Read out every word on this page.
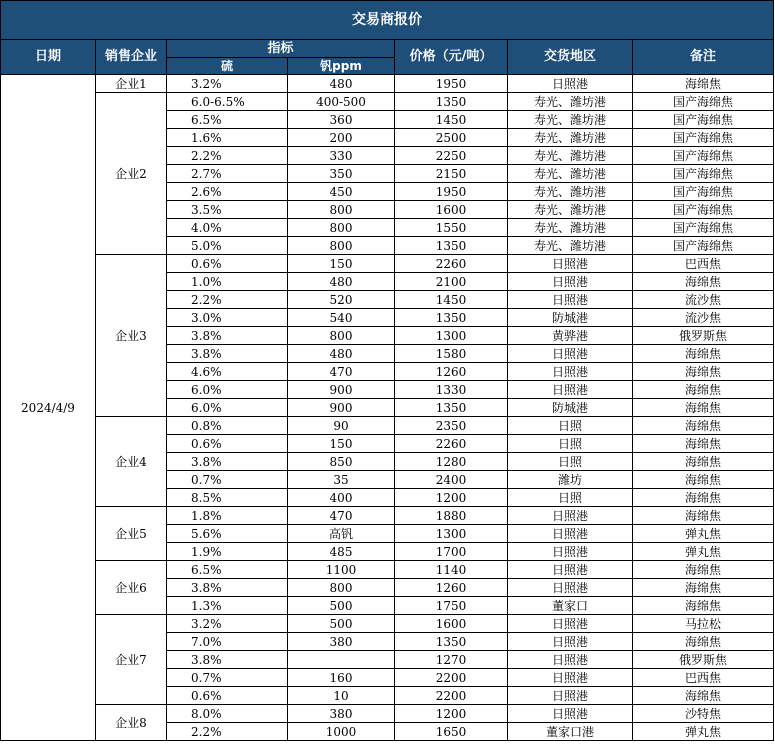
交易商报价						
日期	销售企业	指标		价格（元/吨）	交货地区	备注
		硫	钒ppm			
2024/4/9	企业1	3.2%	480	1950	日照港	海绵焦
	企业2	6.0-6.5%	400-500	1350	寿光、潍坊港	国产海绵焦
		6.5%	360	1450	寿光、潍坊港	国产海绵焦
		1.6%	200	2500	寿光、潍坊港	国产海绵焦
		2.2%	330	2250	寿光、潍坊港	国产海绵焦
		2.7%	350	2150	寿光、潍坊港	国产海绵焦
		2.6%	450	1950	寿光、潍坊港	国产海绵焦
		3.5%	800	1600	寿光、潍坊港	国产海绵焦
		4.0%	800	1550	寿光、潍坊港	国产海绵焦
		5.0%	800	1350	寿光、潍坊港	国产海绵焦
	企业3	0.6%	150	2260	日照港	巴西焦
		1.0%	480	2100	日照港	海绵焦
		2.2%	520	1450	日照港	流沙焦
		3.0%	540	1350	防城港	流沙焦
		3.8%	800	1300	黄骅港	俄罗斯焦
		3.8%	480	1580	日照港	海绵焦
		4.6%	470	1260	日照港	海绵焦
		6.0%	900	1330	日照港	海绵焦
		6.0%	900	1350	防城港	海绵焦
	企业4	0.8%	90	2350	日照	海绵焦
		0.6%	150	2260	日照	海绵焦
		3.8%	850	1280	日照	海绵焦
		0.7%	35	2400	潍坊	海绵焦
		8.5%	400	1200	日照	海绵焦
	企业5	1.8%	470	1880	日照港	海绵焦
		5.6%	高钒	1300	日照港	弹丸焦
		1.9%	485	1700	日照港	弹丸焦
	企业6	6.5%	1100	1140	日照港	海绵焦
		3.8%	800	1260	日照港	海绵焦
		1.3%	500	1750	董家口	海绵焦
	企业7	3.2%	500	1600	日照港	马拉松
		7.0%	380	1350	日照港	海绵焦
		3.8%		1270	日照港	俄罗斯焦
		0.7%	160	2200	日照港	巴西焦
		0.6%	10	2200	日照港	海绵焦
	企业8	8.0%	380	1200	日照港	沙特焦
		2.2%	1000	1650	董家口港	弹丸焦
